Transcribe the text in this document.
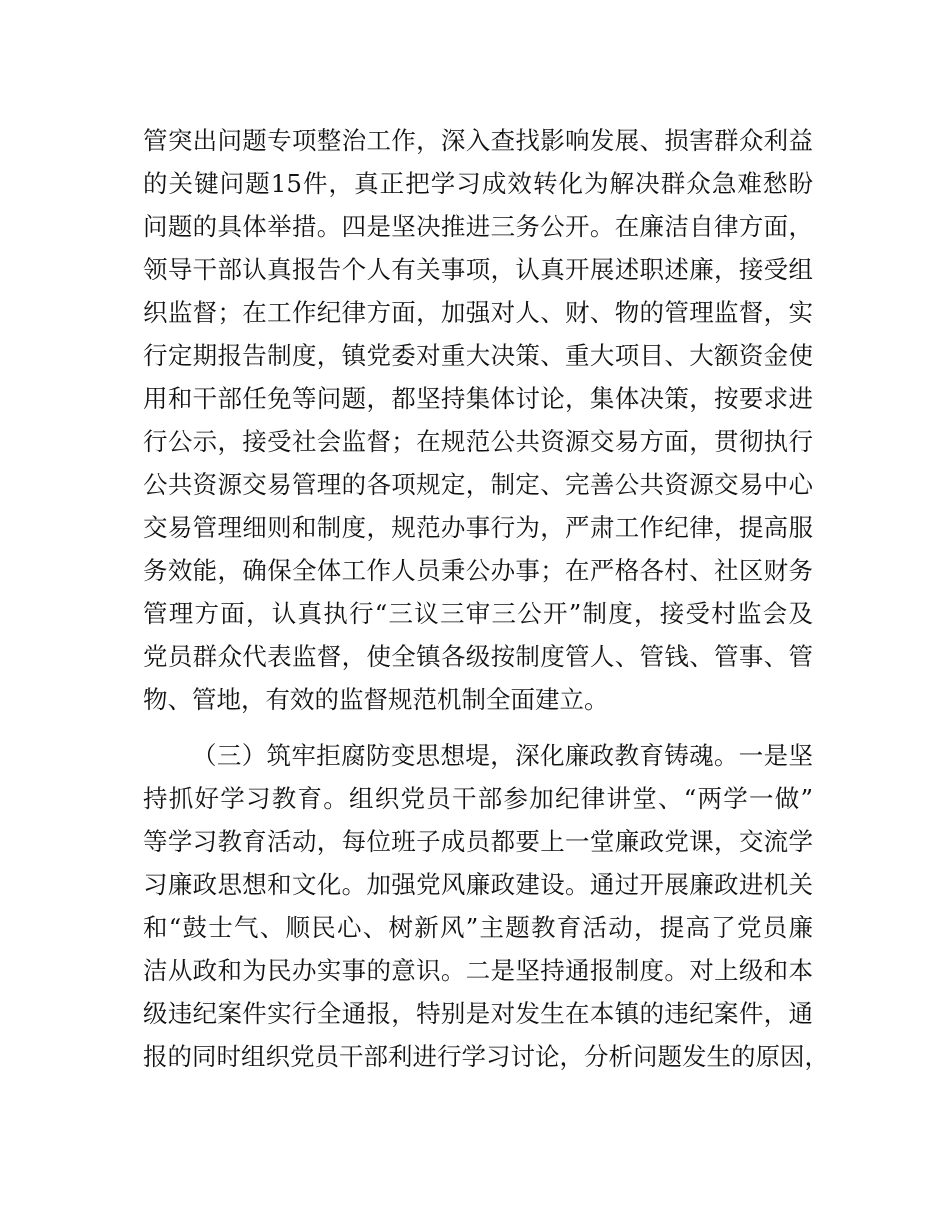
管突出问题专项整治工作，深入查找影响发展、损害群众利益
的关键问题15件，真正把学习成效转化为解决群众急难愁盼
问题的具体举措。四是坚决推进三务公开。在廉洁自律方面，
领导干部认真报告个人有关事项，认真开展述职述廉，接受组
织监督；在工作纪律方面，加强对人、财、物的管理监督，实
行定期报告制度，镇党委对重大决策、重大项目、大额资金使
用和干部任免等问题，都坚持集体讨论，集体决策，按要求进
行公示，接受社会监督；在规范公共资源交易方面，贯彻执行
公共资源交易管理的各项规定，制定、完善公共资源交易中心
交易管理细则和制度，规范办事行为，严肃工作纪律，提高服
务效能，确保全体工作人员秉公办事；在严格各村、社区财务
管理方面，认真执行“三议三审三公开”制度，接受村监会及
党员群众代表监督，使全镇各级按制度管人、管钱、管事、管
物、管地，有效的监督规范机制全面建立。
（三）筑牢拒腐防变思想堤，深化廉政教育铸魂。一是坚
持抓好学习教育。组织党员干部参加纪律讲堂、“两学一做”
等学习教育活动，每位班子成员都要上一堂廉政党课，交流学
习廉政思想和文化。加强党风廉政建设。通过开展廉政进机关
和“鼓士气、顺民心、树新风”主题教育活动，提高了党员廉
洁从政和为民办实事的意识。二是坚持通报制度。对上级和本
级违纪案件实行全通报，特别是对发生在本镇的违纪案件，通
报的同时组织党员干部利进行学习讨论，分析问题发生的原因，
